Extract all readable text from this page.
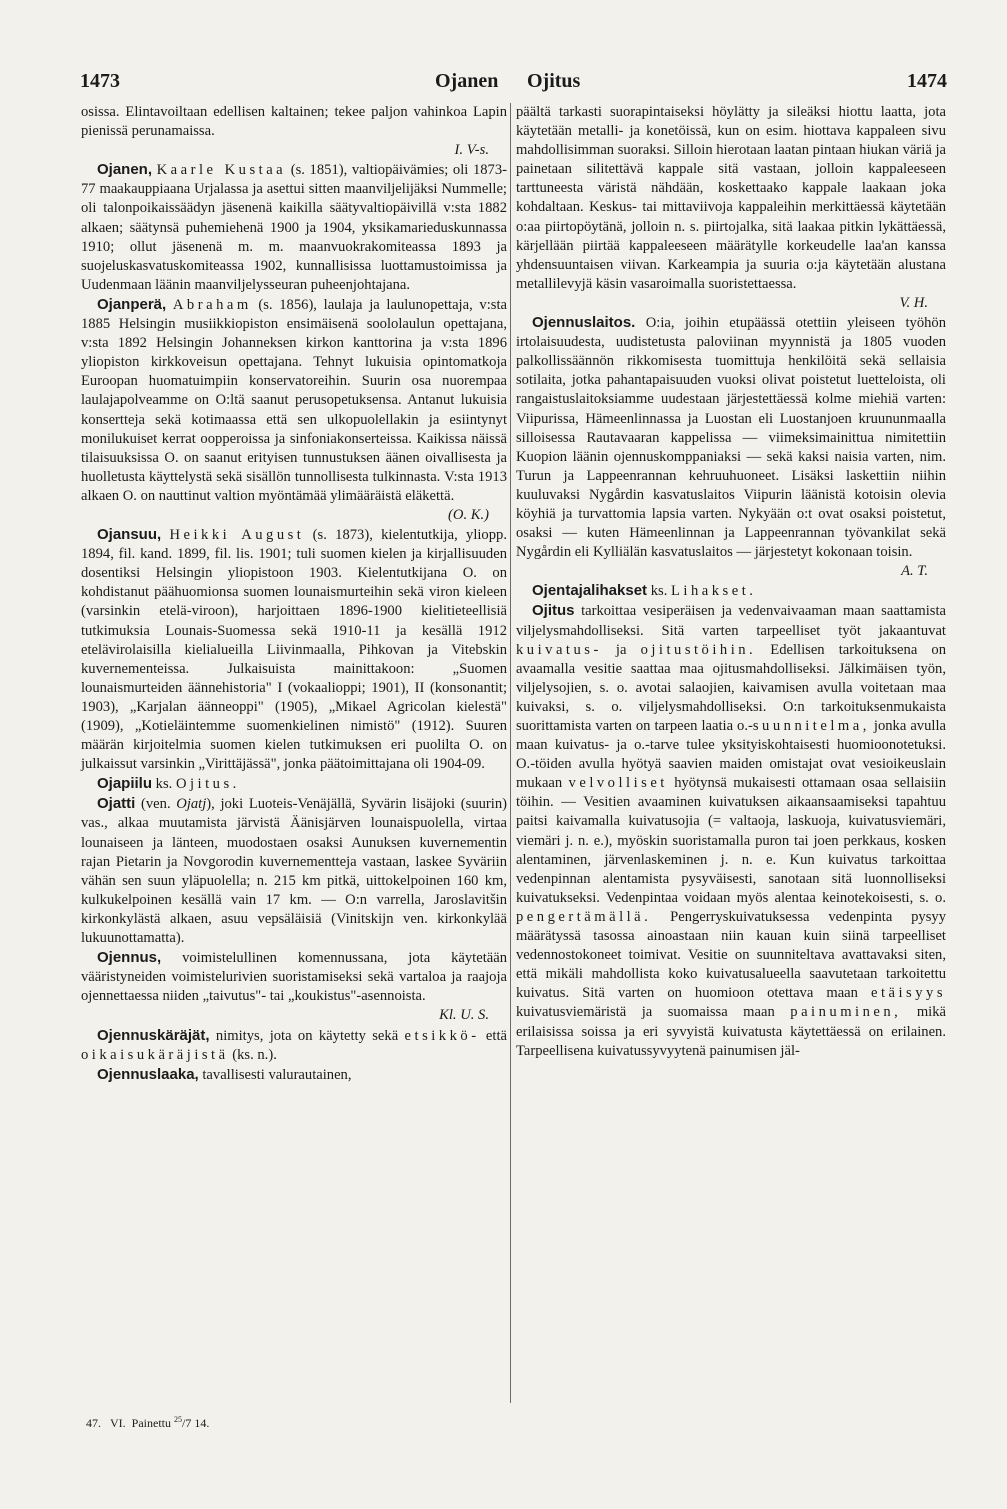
1473	Ojanen Ojitus	1474

osissa. Elintavoiltaan edellisen kaltainen; tekee paljon vahinkoa Lapin pienissä perunamaissa.
I. V-s.

Ojanen, Kaarle Kustaa (s. 1851), valtiopäivämies; oli 1873-77 maakauppiaana Urjalassa ja asettui sitten maanviljelijäksi Nummelle; oli talonpoikaissäädyn jäsenenä kaikilla säätyvaltiopäivillä v:sta 1882 alkaen; säätynsä puhemiehenä 1900 ja 1904, yksikamarieduskunnassa 1910; ollut jäsenenä m. m. maanvuokrakomiteassa 1893 ja suojeluskasvatuskomiteassa 1902, kunnallisissa luottamustoimissa ja Uudenmaan läänin maanviljelysseuran puheenjohtajana.

Ojanperä, Abraham (s. 1856), laulaja ja laulunopettaja, v:sta 1885 Helsingin musiikkiopiston ensimäisenä soololaulun opettajana, v:sta 1892 Helsingin Johanneksen kirkon kanttorina ja v:sta 1896 yliopiston kirkkoveisun opettajana. Tehnyt lukuisia opintomatkoja Euroopan huomatuimpiin konservatoreihin. Suurin osa nuorempaa laulajapolveamme on O:ltä saanut perusopetuksensa. Antanut lukuisia konsertteja sekä kotimaassa että sen ulkopuolellakin ja esiintynyt monilukuiset kerrat oopperoissa ja sinfoniakonserteissa. Kaikissa näissä tilaisuuksissa O. on saanut erityisen tunnustuksen äänen oivallisesta ja huolletusta käyttelystä sekä sisällön tunnollisesta tulkinnasta. V:sta 1913 alkaen O. on nauttinut valtion myöntämää ylimääräistä eläkettä.
(O. K.)

Ojansuu, Heikki August (s. 1873), kielentutkija, yliopp. 1894, fil. kand. 1899, fil. lis. 1901; tuli suomen kielen ja kirjallisuuden dosentiksi Helsingin yliopistoon 1903. Kielentutkijana O. on kohdistanut päähuomionsa suomen lounaismurteihin sekä viron kieleen (varsinkin etelä-viroon), harjoittaen 1896-1900 kielitieteellisiä tutkimuksia Lounais-Suomessa sekä 1910-11 ja kesällä 1912 etelävirolaisilla kielialueilla Liivinmaalla, Pihkovan ja Vitebskin kuvernementeissa. Julkaisuista mainittakoon: „Suomen lounaismurteiden äännehistoria" I (vokaalioppi; 1901), II (konsonantit; 1903), „Karjalan äänneoppi" (1905), „Mikael Agricolan kielestä" (1909), „Kotieläintemme suomenkielinen nimistö" (1912). Suuren määrän kirjoitelmia suomen kielen tutkimuksen eri puolilta O. on julkaissut varsinkin „Virittäjässä", jonka päätoimittajana oli 1904-09.

Ojapiilu ks. Ojitus.

Ojatti (ven. Ojatj), joki Luoteis-Venäjällä, Syvärin lisäjoki (suurin) vas., alkaa muutamista järvistä Äänisjärven lounaispuolella, virtaa lounaiseen ja länteen, muodostaen osaksi Aunuksen kuvernementin rajan Pietarin ja Novgorodin kuvernementteja vastaan, laskee Syväriin vähän sen suun yläpuolella; n. 215 km pitkä, uittokelpoinen 160 km, kulkukelpoinen kesällä vain 17 km. — O:n varrella, Jaroslavitšin kirkonkylästä alkaen, asuu vepsäläisiä (Vinitskijn ven. kirkonkylää lukuunottamatta).

Ojennus, voimistelullinen komennussana, jota käytetään vääristyneiden voimistelurivien suoristamiseksi sekä vartaloa ja raajoja ojennettaessa niiden „taivutus"- tai „koukistus"-asennoista.
Kl. U. S.

Ojennuskäräjät, nimitys, jota on käytetty sekä etsikkö- että oikaisukäräjistä (ks. n.).

Ojennuslaaka, tavallisesti valurautainen,

päältä tarkasti suorapintaiseksi höylätty ja sileäksi hiottu laatta, jota käytetään metalli- ja konetöissä, kun on esim. hiottava kappaleen sivu mahdollisimman suoraksi. Silloin hierotaan laatan pintaan hiukan väriä ja painetaan silitettävä kappale sitä vastaan, jolloin kappaleeseen tarttuneesta väristä nähdään, koskettaako kappale laakaan joka kohdaltaan. Keskus- tai mittaviivoja kappaleihin merkittäessä käytetään o:aa piirtopöytänä, jolloin n. s. piirtojalka, sitä laakaa pitkin lykättäessä, kärjellään piirtää kappaleeseen määrätylle korkeudelle laa'an kanssa yhdensuuntaisen viivan. Karkeampia ja suuria o:ja käytetään alustana metallilevyjä käsin vasaroimalla suoristettaessa.
V. H.

Ojennuslaitos. O:ia, joihin etupäässä otettiin yleiseen työhön irtolaisuudesta, uudistetusta paloviinan myynnistä ja 1805 vuoden palkollissäännön rikkomisesta tuomittuja henkilöitä sekä sellaisia sotilaita, jotka pahantapaisuuden vuoksi olivat poistetut luetteloista, oli rangaistuslaitoksiamme uudestaan järjestettäessä kolme miehiä varten: Viipurissa, Hämeenlinnassa ja Luostan eli Luostanjoen kruununmaalla silloisessa Rautavaaran kappelissa — viimeksimainittua nimitettiin Kuopion läänin ojennuskomppaniaksi — sekä kaksi naisia varten, nim. Turun ja Lappeenrannan kehruuhuoneet. Lisäksi laskettiin niihin kuuluvaksi Nygårdin kasvatuslaitos Viipurin läänistä kotoisin olevia köyhiä ja turvattomia lapsia varten. Nykyään o:t ovat osaksi poistetut, osaksi — kuten Hämeenlinnan ja Lappeenrannan työvankilat sekä Nygårdin eli Kylliälän kasvatuslaitos — järjestetyt kokonaan toisin.
A. T.

Ojentajalihakset ks. Lihakset.

Ojitus tarkoittaa vesiperäisen ja vedenvaivaaman maan saattamista viljelysmahdolliseksi. Sitä varten tarpeelliset työt jakaantuvat kuivatus- ja ojitustöihin. Edellisen tarkoituksena on avaamalla vesitie saattaa maa ojitusmahdolliseksi. Jälkimäisen työn, viljelysojien, s. o. avotai salaojien, kaivamisen avulla voitetaan maa kuivaksi, s. o. viljelysmahdolliseksi. O:n tarkoituksenmukaista suorittamista varten on tarpeen laatia o.-suunnitelma, jonka avulla maan kuivatus- ja o.-tarve tulee yksityiskohtaisesti huomioonotetuksi. O.-töiden avulla hyötyä saavien maiden omistajat ovat vesioikeuslain mukaan velvolliset hyötynsä mukaisesti ottamaan osaa sellaisiin töihin. — Vesitien avaaminen kuivatuksen aikaansaamiseksi tapahtuu paitsi kaivamalla kuivatusojia (= valtaoja, laskuoja, kuivatusviemäri, viemäri j. n. e.), myöskin suoristamalla puron tai joen perkkaus, kosken alentaminen, järvenlaskeminen j. n. e. Kun kuivatus tarkoittaa vedenpinnan alentamista pysyväisesti, sanotaan sitä luonnolliseksi kuivatukseksi. Vedenpintaa voidaan myös alentaa keinotekoisesti, s. o. pengertämällä. Pengerryskuivatuksessa vedenpinta pysyy määrätyssä tasossa ainoastaan niin kauan kuin siinä tarpeelliset vedennostokoneet toimivat. Vesitie on suunniteltava avattavaksi siten, että mikäli mahdollista koko kuivatusalueella saavutetaan tarkoitettu kuivatus. Sitä varten on huomioon otettava maan etäisyys kuivatusviemäristä ja suomaissa maan painuminen, mikä erilaisissa soissa ja eri syvyistä kuivatusta käytettäessä on erilainen. Tarpeellisena kuivatussyvyytenä painumisen jäl-

47. VI. Painettu $^{25}$/7 14.
